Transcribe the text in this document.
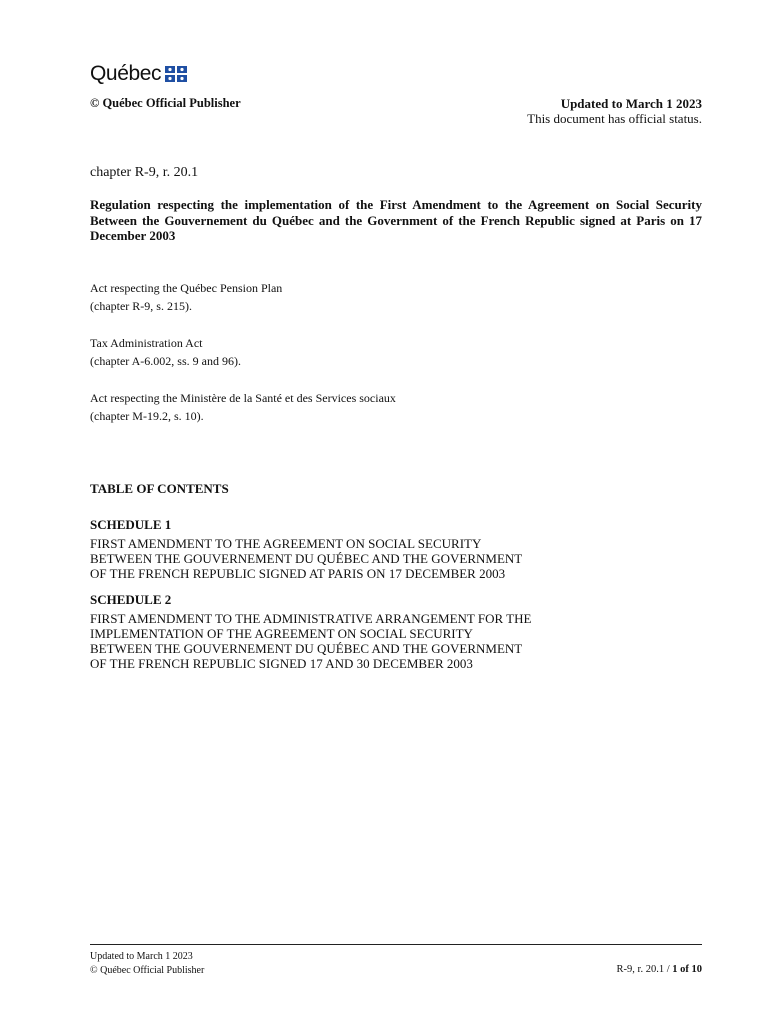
Québec
© Québec Official Publisher	Updated to March 1 2023
This document has official status.
chapter R-9, r. 20.1
Regulation respecting the implementation of the First Amendment to the Agreement on Social Security Between the Gouvernement du Québec and the Government of the French Republic signed at Paris on 17 December 2003
Act respecting the Québec Pension Plan
(chapter R-9, s. 215).
Tax Administration Act
(chapter A-6.002, ss. 9 and 96).
Act respecting the Ministère de la Santé et des Services sociaux
(chapter M-19.2, s. 10).
TABLE OF CONTENTS
SCHEDULE 1
FIRST AMENDMENT TO THE AGREEMENT ON SOCIAL SECURITY
BETWEEN THE GOUVERNEMENT DU QUÉBEC AND THE GOVERNMENT
OF THE FRENCH REPUBLIC SIGNED AT PARIS ON 17 DECEMBER 2003
SCHEDULE 2
FIRST AMENDMENT TO THE ADMINISTRATIVE ARRANGEMENT FOR THE
IMPLEMENTATION OF THE AGREEMENT ON SOCIAL SECURITY
BETWEEN THE GOUVERNEMENT DU QUÉBEC AND THE GOVERNMENT
OF THE FRENCH REPUBLIC SIGNED 17 AND 30 DECEMBER 2003
Updated to March 1 2023
© Québec Official Publisher	R-9, r. 20.1 / 1 of 10
